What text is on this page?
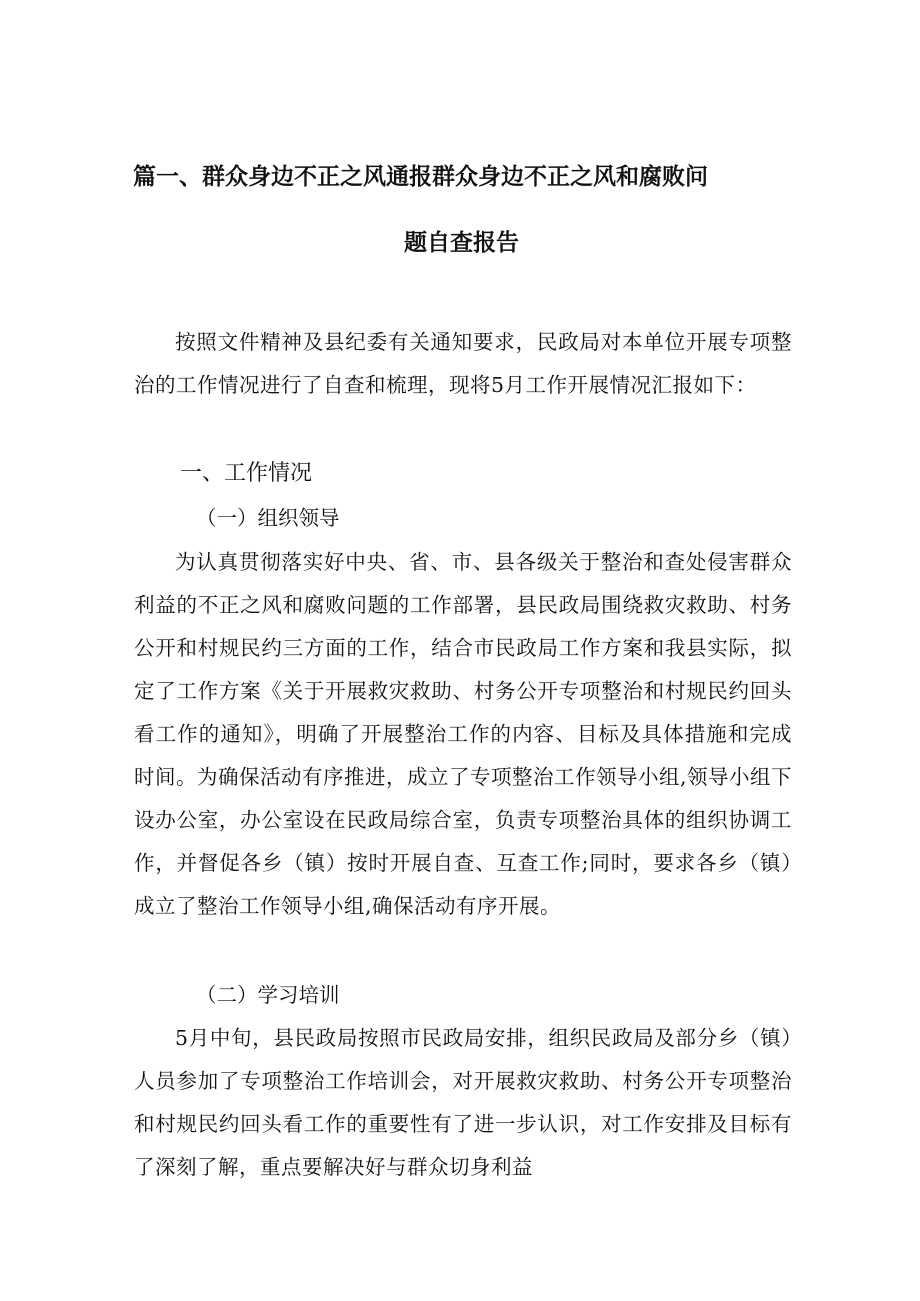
篇一、群众身边不正之风通报群众身边不正之风和腐败问
题自查报告
按照文件精神及县纪委有关通知要求，民政局对本单位开展专项整治的工作情况进行了自查和梳理，现将5月工作开展情况汇报如下：
一、工作情况
（一）组织领导
为认真贯彻落实好中央、省、市、县各级关于整治和查处侵害群众利益的不正之风和腐败问题的工作部署，县民政局围绕救灾救助、村务公开和村规民约三方面的工作，结合市民政局工作方案和我县实际，拟定了工作方案《关于开展救灾救助、村务公开专项整治和村规民约回头看工作的通知》，明确了开展整治工作的内容、目标及具体措施和完成时间。为确保活动有序推进，成立了专项整治工作领导小组,领导小组下设办公室，办公室设在民政局综合室，负责专项整治具体的组织协调工作，并督促各乡（镇）按时开展自查、互查工作;同时，要求各乡（镇）成立了整治工作领导小组,确保活动有序开展。
（二）学习培训
5月中旬，县民政局按照市民政局安排，组织民政局及部分乡（镇）人员参加了专项整治工作培训会，对开展救灾救助、村务公开专项整治和村规民约回头看工作的重要性有了进一步认识，对工作安排及目标有了深刻了解，重点要解决好与群众切身利益
